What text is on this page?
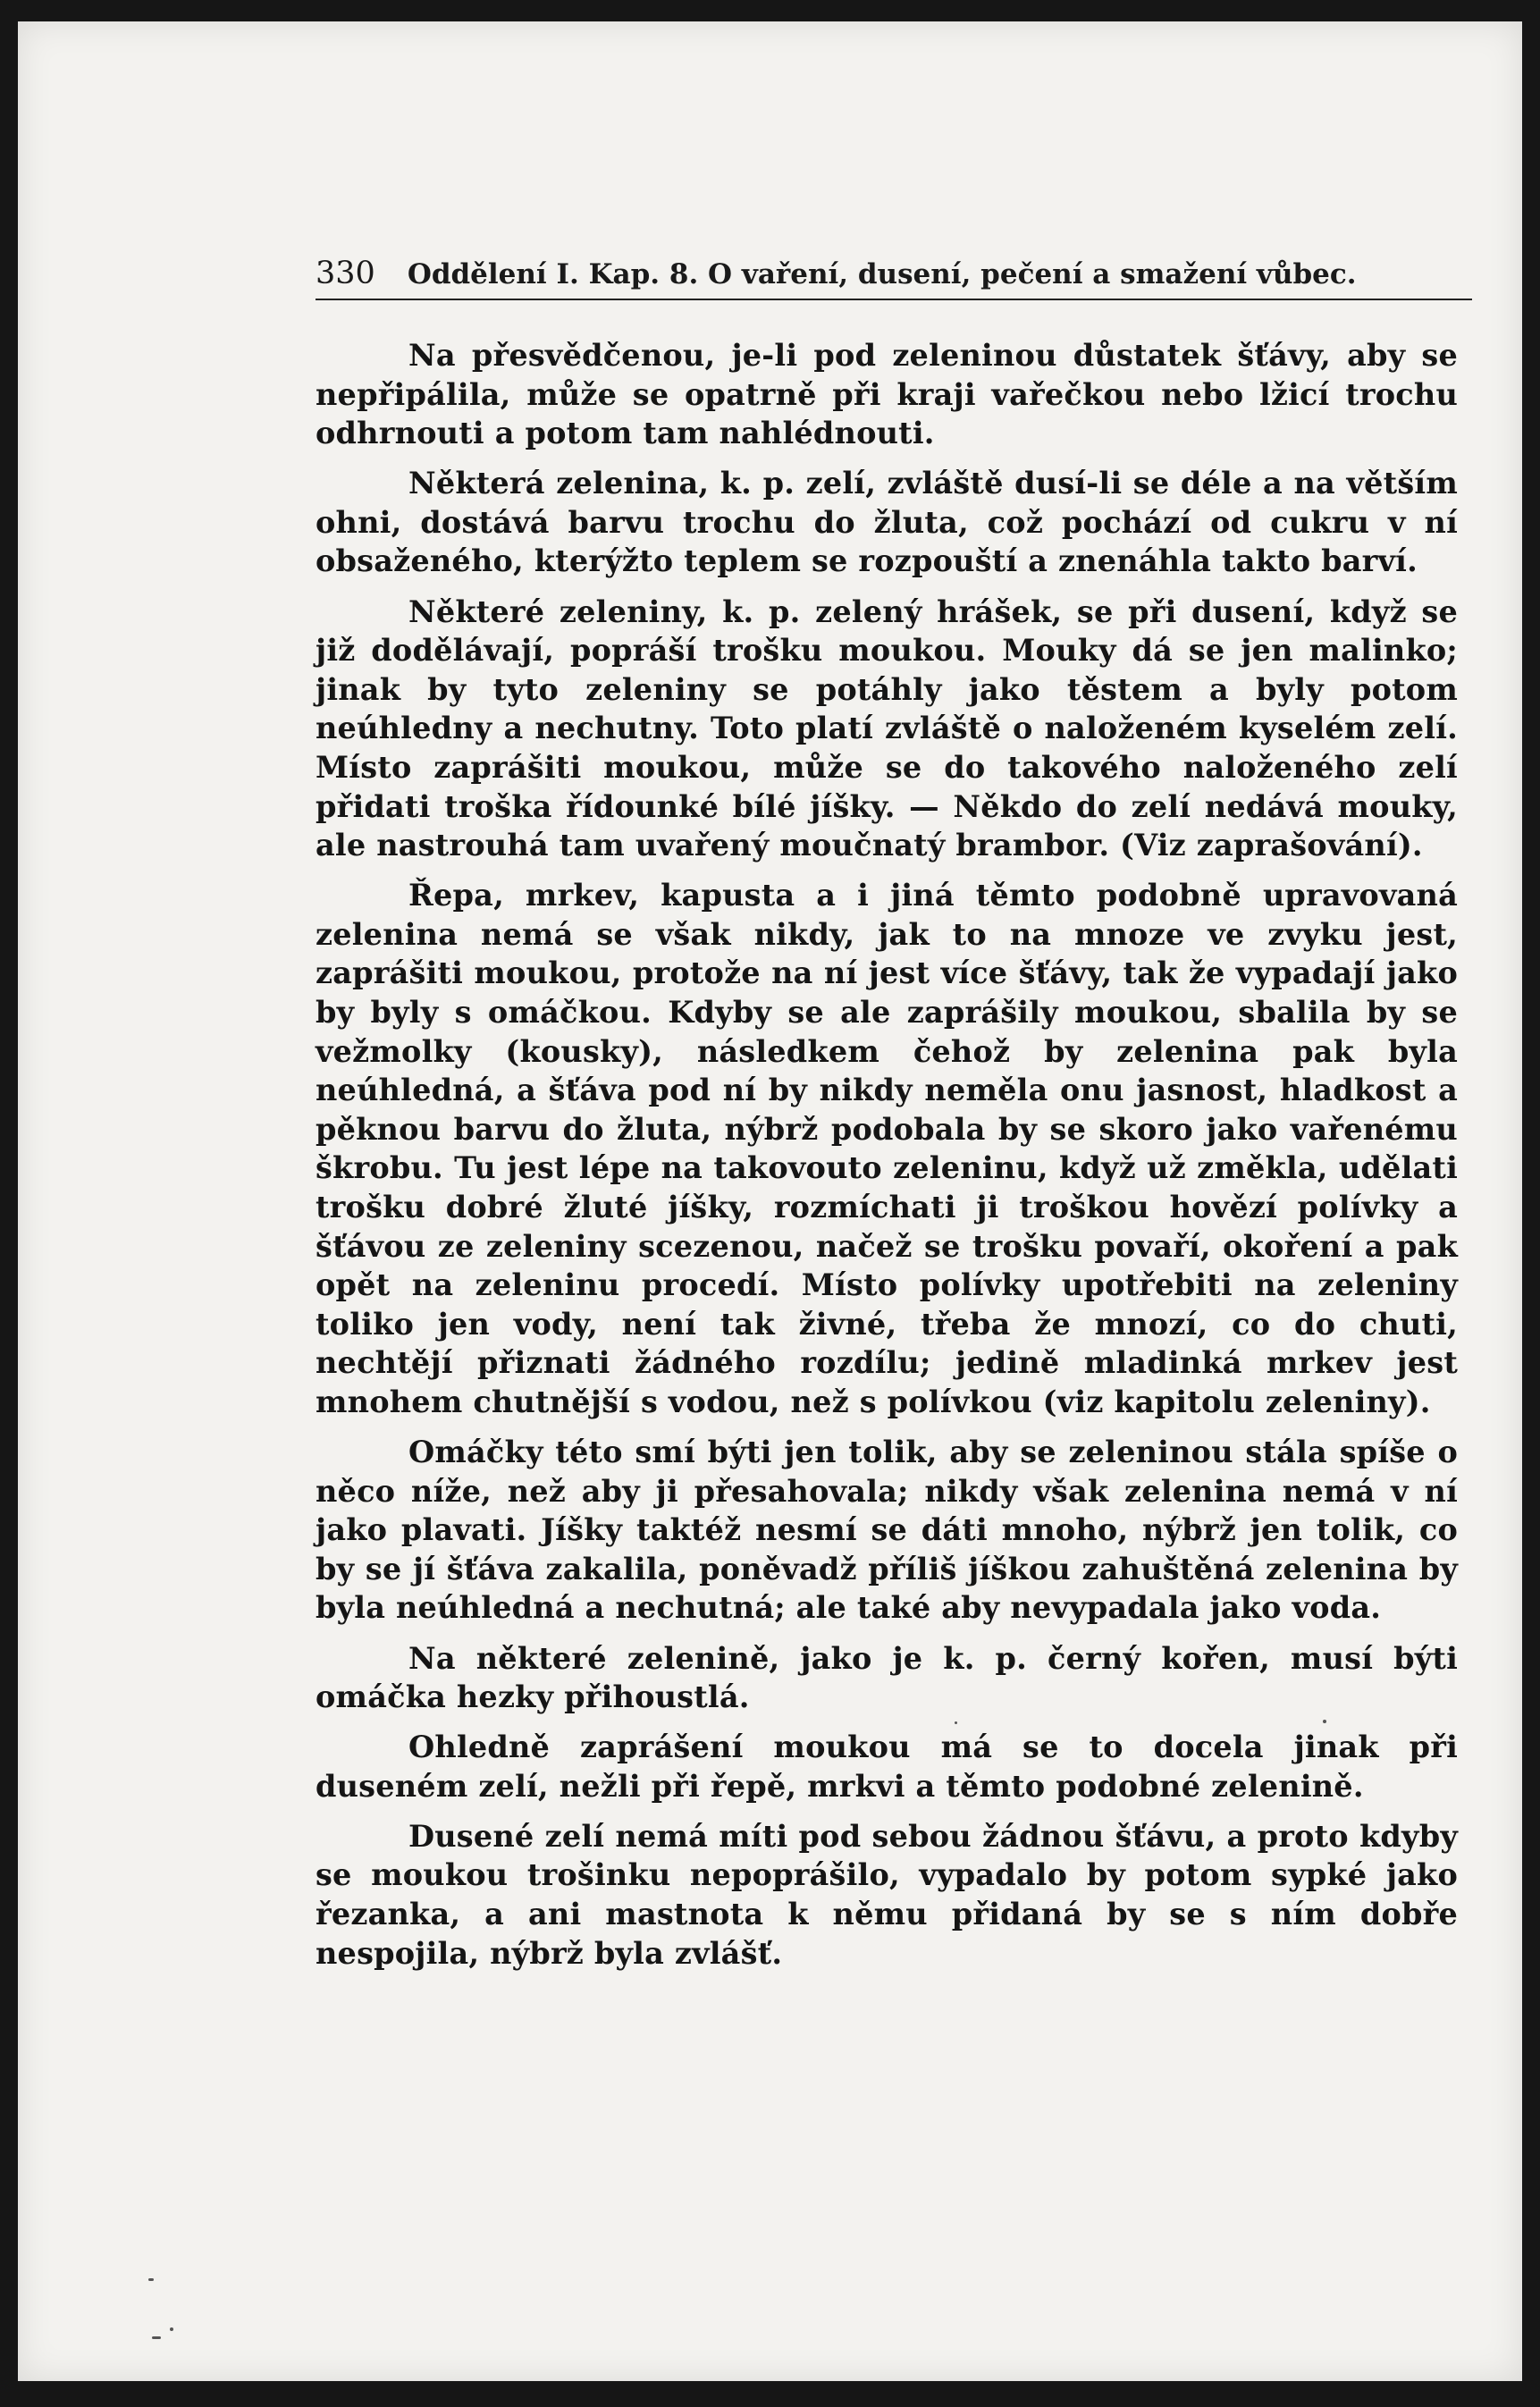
330 Oddělení I. Kap. 8. O vaření, dusení, pečení a smažení vůbec.

Na přesvědčenou, je-li pod zeleninou důstatek šťávy, aby se nepřipálila, může se opatrně při kraji vařečkou nebo lžicí trochu odhrnouti a potom tam nahlédnouti.

Některá zelenina, k. p. zelí, zvláště dusí-li se déle a na větším ohni, dostává barvu trochu do žluta, což pochází od cukru v ní obsaženého, kterýžto teplem se rozpouští a znenáhla takto barví.

Některé zeleniny, k. p. zelený hrášek, se při dusení, když se již dodělávají, popráší trošku moukou. Mouky dá se jen malinko; jinak by tyto zeleniny se potáhly jako těstem a byly potom neúhledny a nechutny. Toto platí zvláště o naloženém kyselém zelí. Místo zaprášiti moukou, může se do takového naloženého zelí přidati troška řídounké bílé jíšky. — Někdo do zelí nedává mouky, ale nastrouhá tam uvařený moučnatý brambor. (Viz zaprašování).

Řepa, mrkev, kapusta a i jiná těmto podobně upravovaná zelenina nemá se však nikdy, jak to na mnoze ve zvyku jest, zaprášiti moukou, protože na ní jest více šťávy, tak že vypadají jako by byly s omáčkou. Kdyby se ale zaprášily moukou, sbalila by se vežmolky (kousky), následkem čehož by zelenina pak byla neúhledná, a šťáva pod ní by nikdy neměla onu jasnost, hladkost a pěknou barvu do žluta, nýbrž podobala by se skoro jako vařenému škrobu. Tu jest lépe na takovouto zeleninu, když už změkla, udělati trošku dobré žluté jíšky, rozmíchati ji troškou hovězí polívky a šťávou ze zeleniny scezenou, načež se trošku povaří, okoření a pak opět na zeleninu procedí. Místo polívky upotřebiti na zeleniny toliko jen vody, není tak živné, třeba že mnozí, co do chuti, nechtějí přiznati žádného rozdílu; jedině mladinká mrkev jest mnohem chutnější s vodou, než s polívkou (viz kapitolu zeleniny).

Omáčky této smí býti jen tolik, aby se zeleninou stála spíše o něco níže, než aby ji přesahovala; nikdy však zelenina nemá v ní jako plavati. Jíšky taktéž nesmí se dáti mnoho, nýbrž jen tolik, co by se jí šťáva zakalila, poněvadž příliš jíškou zahuštěná zelenina by byla neúhledná a nechutná; ale také aby nevypadala jako voda.

Na některé zelenině, jako je k. p. černý kořen, musí býti omáčka hezky přihoustlá.

Ohledně zaprášení moukou má se to docela jinak při duseném zelí, nežli při řepě, mrkvi a těmto podobné zelenině.

Dusené zelí nemá míti pod sebou žádnou šťávu, a proto kdyby se moukou trošinku nepoprášilo, vypadalo by potom sypké jako řezanka, a ani mastnota k němu přidaná by se s ním dobře nespojila, nýbrž byla zvlášť.
